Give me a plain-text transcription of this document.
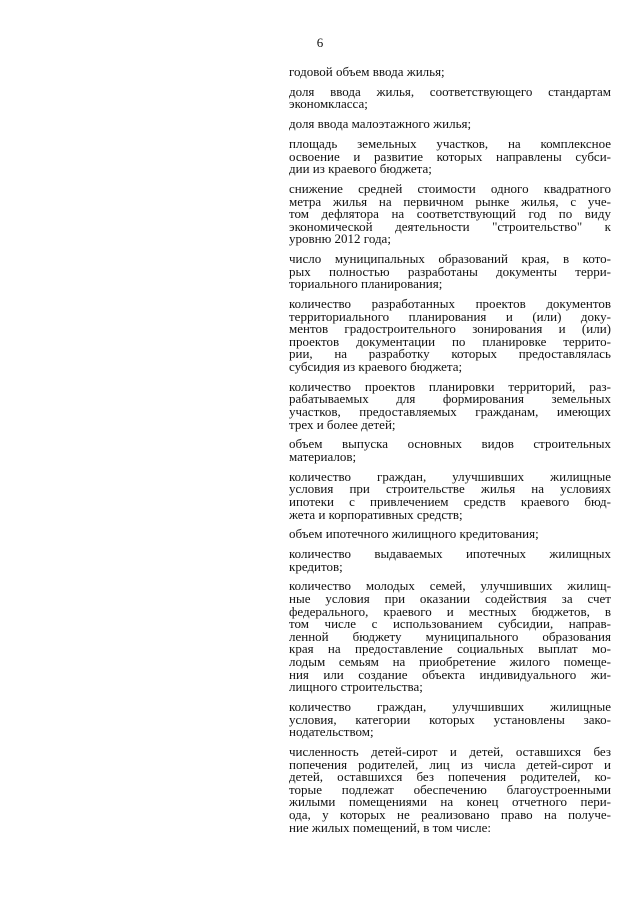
6
годовой объем ввода жилья;
доля ввода жилья, соответствующего стандартам
экономкласса;
доля ввода малоэтажного жилья;
площадь земельных участков, на комплексное
освоение и развитие которых направлены субси-
дии из краевого бюджета;
снижение средней стоимости одного квадратного
метра жилья на первичном рынке жилья, с уче-
том дефлятора на соответствующий год по виду
экономической деятельности "строительство" к
уровню 2012 года;
число муниципальных образований края, в кото-
рых полностью разработаны документы терри-
ториального планирования;
количество разработанных проектов документов
территориального планирования и (или) доку-
ментов градостроительного зонирования и (или)
проектов документации по планировке террито-
рии, на разработку которых предоставлялась
субсидия из краевого бюджета;
количество проектов планировки территорий, раз-
рабатываемых для формирования земельных
участков, предоставляемых гражданам, имеющих
трех и более детей;
объем выпуска основных видов строительных
материалов;
количество граждан, улучшивших жилищные
условия при строительстве жилья на условиях
ипотеки с привлечением средств краевого бюд-
жета и корпоративных средств;
объем ипотечного жилищного кредитования;
количество выдаваемых ипотечных жилищных
кредитов;
количество молодых семей, улучшивших жилищ-
ные условия при оказании содействия за счет
федерального, краевого и местных бюджетов, в
том числе с использованием субсидии, направ-
ленной бюджету муниципального образования
края на предоставление социальных выплат мо-
лодым семьям на приобретение жилого помеще-
ния или создание объекта индивидуального жи-
лищного строительства;
количество граждан, улучшивших жилищные
условия, категории которых установлены зако-
нодательством;
численность детей-сирот и детей, оставшихся без
попечения родителей, лиц из числа детей-сирот и
детей, оставшихся без попечения родителей, ко-
торые подлежат обеспечению благоустроенными
жилыми помещениями на конец отчетного пери-
ода, у которых не реализовано право на получе-
ние жилых помещений, в том числе:
